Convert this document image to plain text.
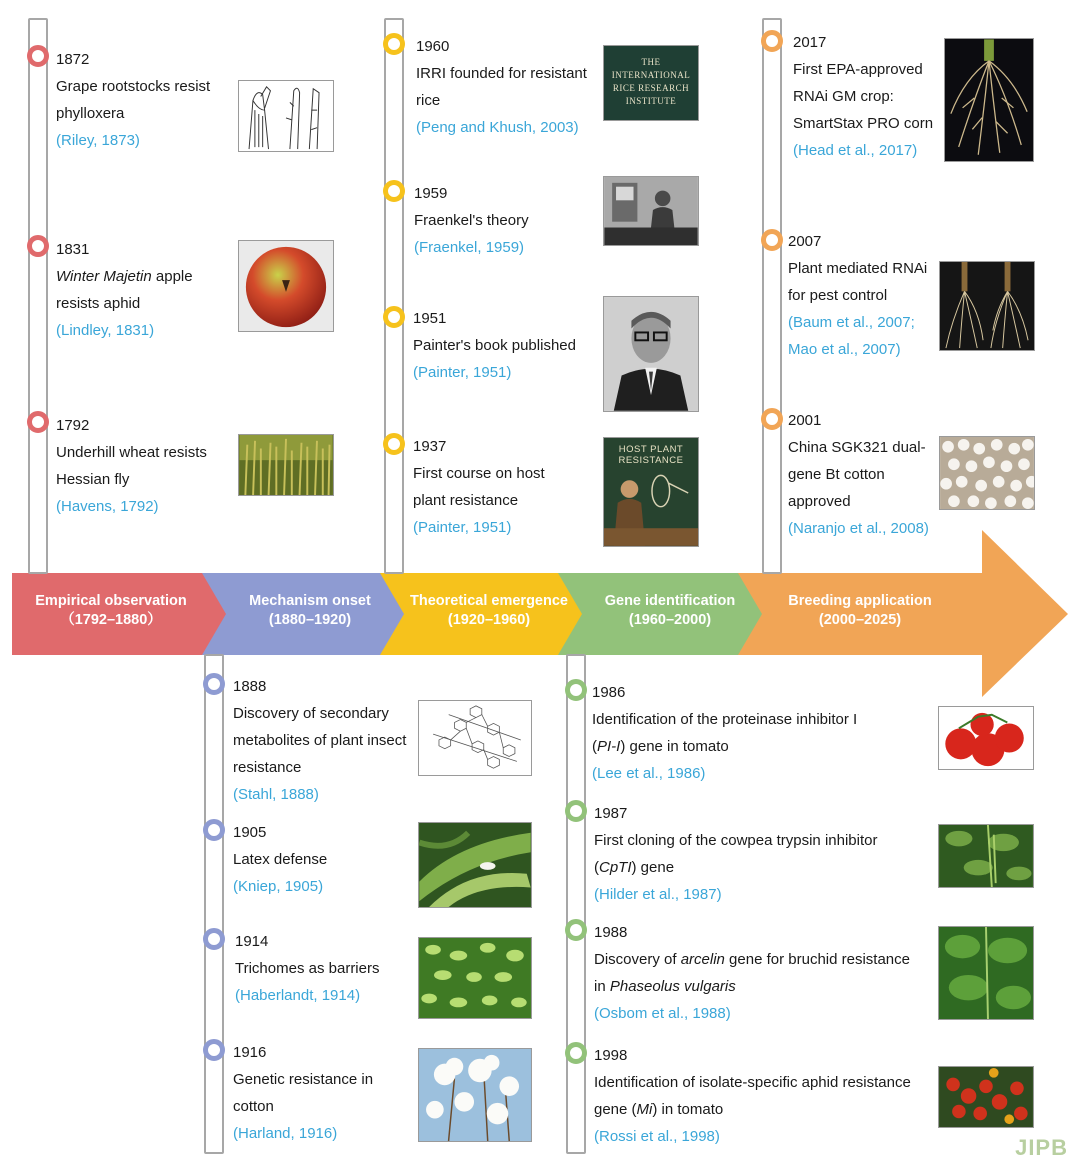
Empirical observation
（1792–1880）
Mechanism onset
(1880–1920)
Theoretical emergence
(1920–1960)
Gene identification
(1960–2000)
Breeding application
(2000–2025)
1872
Grape rootstocks resist
phylloxera
(Riley, 1873)
1831
Winter Majetin apple
resists aphid
(Lindley, 1831)
1792
Underhill wheat resists
Hessian fly
(Havens, 1792)
1960
IRRI founded for resistant
rice
(Peng and Khush, 2003)
THE
INTERNATIONAL
RICE RESEARCH
INSTITUTE
1959
Fraenkel's theory
(Fraenkel, 1959)
1951
Painter's book published
(Painter, 1951)
1937
First course on host
plant resistance
(Painter, 1951)
HOST PLANT
RESISTANCE
2017
First EPA-approved
RNAi GM crop:
SmartStax PRO corn
(Head et al., 2017)
2007
Plant mediated RNAi
for pest control
(Baum et al., 2007;
Mao et al., 2007)
2001
China SGK321 dual-
gene Bt cotton
approved
(Naranjo et al., 2008)
1888
Discovery of secondary
metabolites of plant insect
resistance
(Stahl, 1888)
1905
Latex defense
(Kniep, 1905)
1914
Trichomes as barriers
(Haberlandt, 1914)
1916
Genetic resistance in
cotton
(Harland, 1916)
1986
Identification of the proteinase inhibitor I
(PI-I) gene in tomato
(Lee et al., 1986)
1987
First cloning of the cowpea trypsin inhibitor
(CpTI) gene
(Hilder et al., 1987)
1988
Discovery of arcelin gene for bruchid resistance
in Phaseolus vulgaris
(Osbom et al., 1988)
1998
Identification of isolate-specific aphid resistance
gene (Mi) in tomato
(Rossi et al., 1998)	JIPB
